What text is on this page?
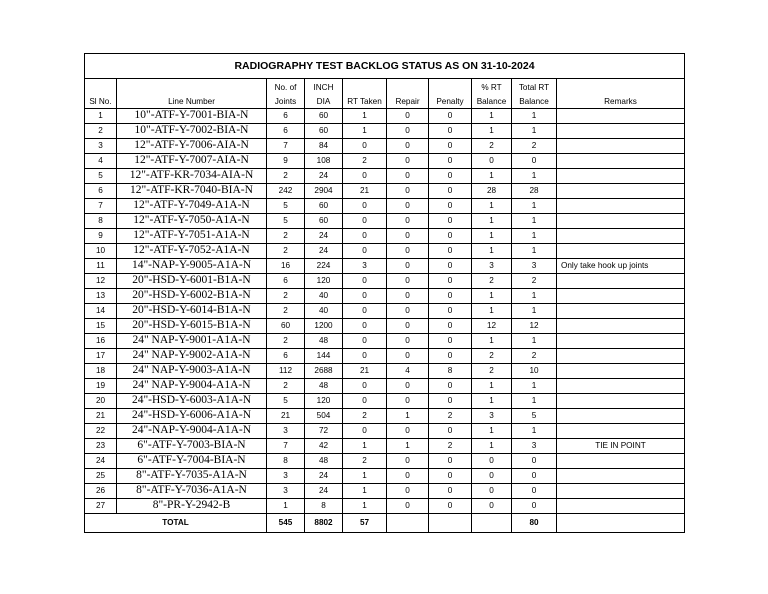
RADIOGRAPHY TEST BACKLOG STATUS AS ON 31-10-2024									
		No. of	INCH				% RT	Total RT	
Sl No.	Line Number	Joints	DIA	RT Taken	Repair	Penalty	Balance	Balance	Remarks
1	10"-ATF-Y-7001-BIA-N	6	60	1	0	0	1	1	
2	10"-ATF-Y-7002-BIA-N	6	60	1	0	0	1	1	
3	12"-ATF-Y-7006-AIA-N	7	84	0	0	0	2	2	
4	12"-ATF-Y-7007-AIA-N	9	108	2	0	0	0	0	
5	12"-ATF-KR-7034-AIA-N	2	24	0	0	0	1	1	
6	12"-ATF-KR-7040-BIA-N	242	2904	21	0	0	28	28	
7	12"-ATF-Y-7049-A1A-N	5	60	0	0	0	1	1	
8	12"-ATF-Y-7050-A1A-N	5	60	0	0	0	1	1	
9	12"-ATF-Y-7051-A1A-N	2	24	0	0	0	1	1	
10	12"-ATF-Y-7052-A1A-N	2	24	0	0	0	1	1	
11	14"-NAP-Y-9005-A1A-N	16	224	3	0	0	3	3	Only take hook up joints
12	20"-HSD-Y-6001-B1A-N	6	120	0	0	0	2	2	
13	20"-HSD-Y-6002-B1A-N	2	40	0	0	0	1	1	
14	20"-HSD-Y-6014-B1A-N	2	40	0	0	0	1	1	
15	20"-HSD-Y-6015-B1A-N	60	1200	0	0	0	12	12	
16	24" NAP-Y-9001-A1A-N	2	48	0	0	0	1	1	
17	24" NAP-Y-9002-A1A-N	6	144	0	0	0	2	2	
18	24" NAP-Y-9003-A1A-N	112	2688	21	4	8	2	10	
19	24" NAP-Y-9004-A1A-N	2	48	0	0	0	1	1	
20	24"-HSD-Y-6003-A1A-N	5	120	0	0	0	1	1	
21	24"-HSD-Y-6006-A1A-N	21	504	2	1	2	3	5	
22	24"-NAP-Y-9004-A1A-N	3	72	0	0	0	1	1	
23	6"-ATF-Y-7003-BIA-N	7	42	1	1	2	1	3	TIE IN POINT
24	6"-ATF-Y-7004-BIA-N	8	48	2	0	0	0	0	
25	8"-ATF-Y-7035-A1A-N	3	24	1	0	0	0	0	
26	8"-ATF-Y-7036-A1A-N	3	24	1	0	0	0	0	
27	8"-PR-Y-2942-B	1	8	1	0	0	0	0	
TOTAL		545	8802	57				80	
